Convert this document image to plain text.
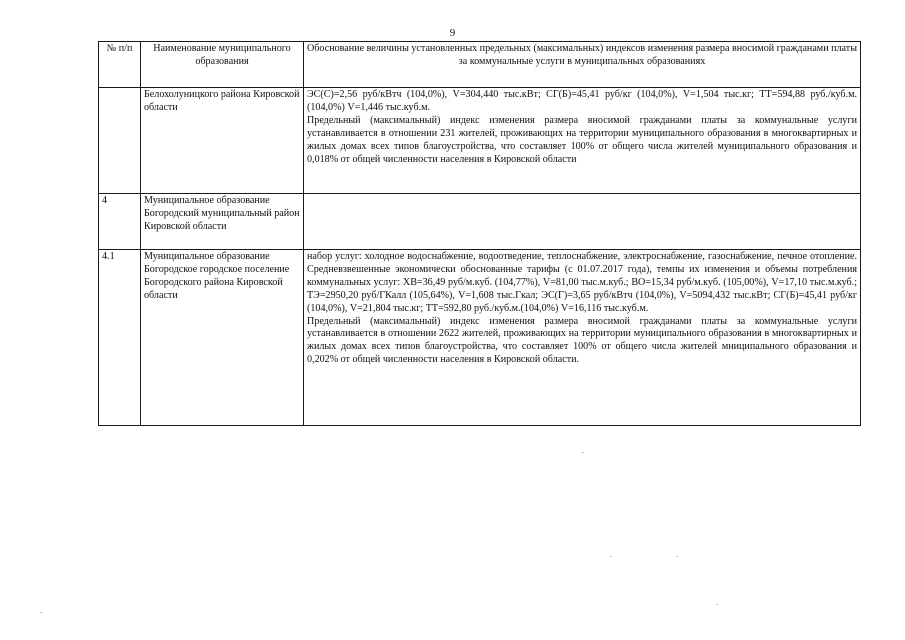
9
№ п/п	Наименование муниципального образования	Обоснование величины установленных предельных (максимальных) индексов изменения размера вносимой гражданами платы за коммунальные услуги в муниципальных образованиях
	Белохолуницкого района Кировской области	ЭС(С)=2,56 руб/кВтч (104,0%), V=304,440 тыс.кВт; СГ(Б)=45,41 руб/кг (104,0%), V=1,504 тыс.кг; ТТ=594,88 руб./куб.м.(104,0%) V=1,446 тыс.куб.м.

Предельный (максимальный) индекс изменения размера вносимой гражданами платы за коммунальные услуги устанавливается в отношении 231 жителей, проживающих на территории муниципального образования в многоквартирных и жилых домах всех типов благоустройства, что составляет 100% от общего числа жителей муниципального образования и 0,018% от общей численности населения в Кировской области

4	Муниципальное образование Богородский муниципальный район Кировской области	
4.1	Муниципальное образование Богородское городское поселение Богородского района Кировской области	набор услуг: холодное водоснабжение, водоотведение, теплоснабжение, электроснабжение, газоснабжение, печное отопление. Средневзвешенные экономически обоснованные тарифы (с 01.07.2017 года), темпы их изменения и объемы потребления коммунальных услуг: ХВ=36,49 руб/м.куб. (104,77%), V=81,00 тыс.м.куб.; ВО=15,34 руб/м.куб. (105,00%), V=17,10 тыс.м.куб.; ТЭ=2950,20 руб/ГКалл (105,64%), V=1,608 тыс.Гкал; ЭС(Г)=3,65 руб/кВтч (104,0%), V=5094,432 тыс.кВт; СГ(Б)=45,41 руб/кг (104,0%), V=21,804 тыс.кг; ТТ=592,80 руб./куб.м.(104,0%) V=16,116 тыс.куб.м.

Предельный (максимальный) индекс изменения размера вносимой гражданами платы за коммунальные услуги устанавливается в отношении 2622 жителей, проживающих на территории муниципального образования в многоквартирных и жилых домах всех типов благоустройства, что составляет 100% от общего числа жителей мниципального образования и 0,202% от общей численности населения в Кировской области.
